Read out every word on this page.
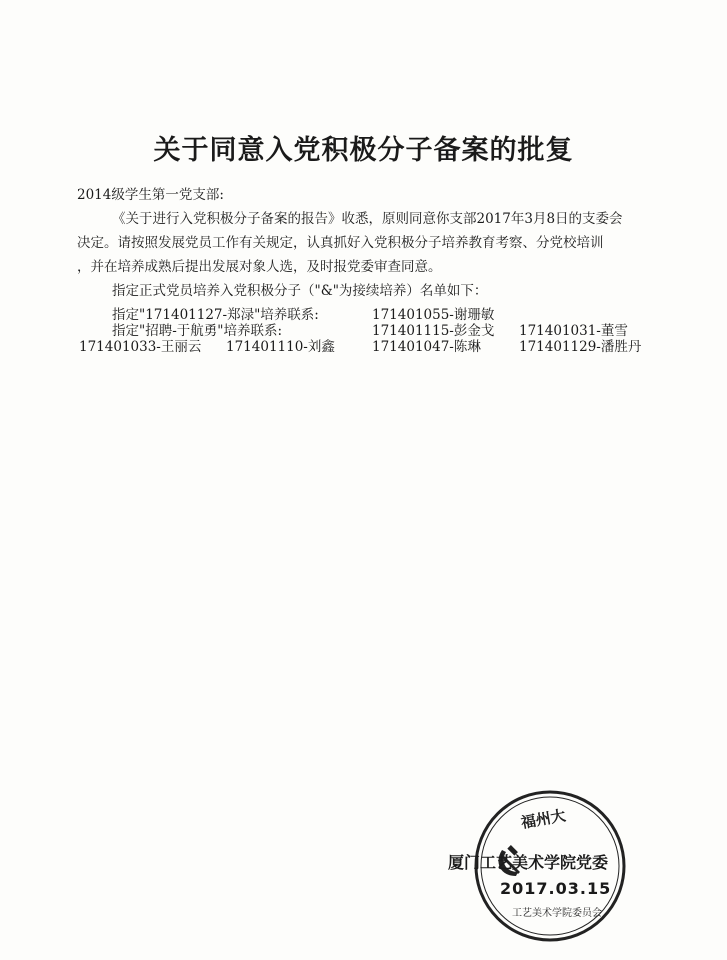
关于同意入党积极分子备案的批复
2014级学生第一党支部:
《关于进行入党积极分子备案的报告》收悉，原则同意你支部2017年3月8日的支委会
决定。请按照发展党员工作有关规定，认真抓好入党积极分子培养教育考察、分党校培训
，并在培养成熟后提出发展对象人选，及时报党委审查同意。
指定正式党员培养入党积极分子（"&"为接续培养）名单如下：
指定"171401127-郑渌"培养联系:	171401055-谢珊敏
指定"招聘-于航勇"培养联系:	171401115-彭金戈 171401031-董雪
171401033-王丽云 171401110-刘鑫	171401047-陈琳	171401129-潘胜丹
福州大
工艺美术学院委员会
厦门工艺美术学院党委
2017.03.15
